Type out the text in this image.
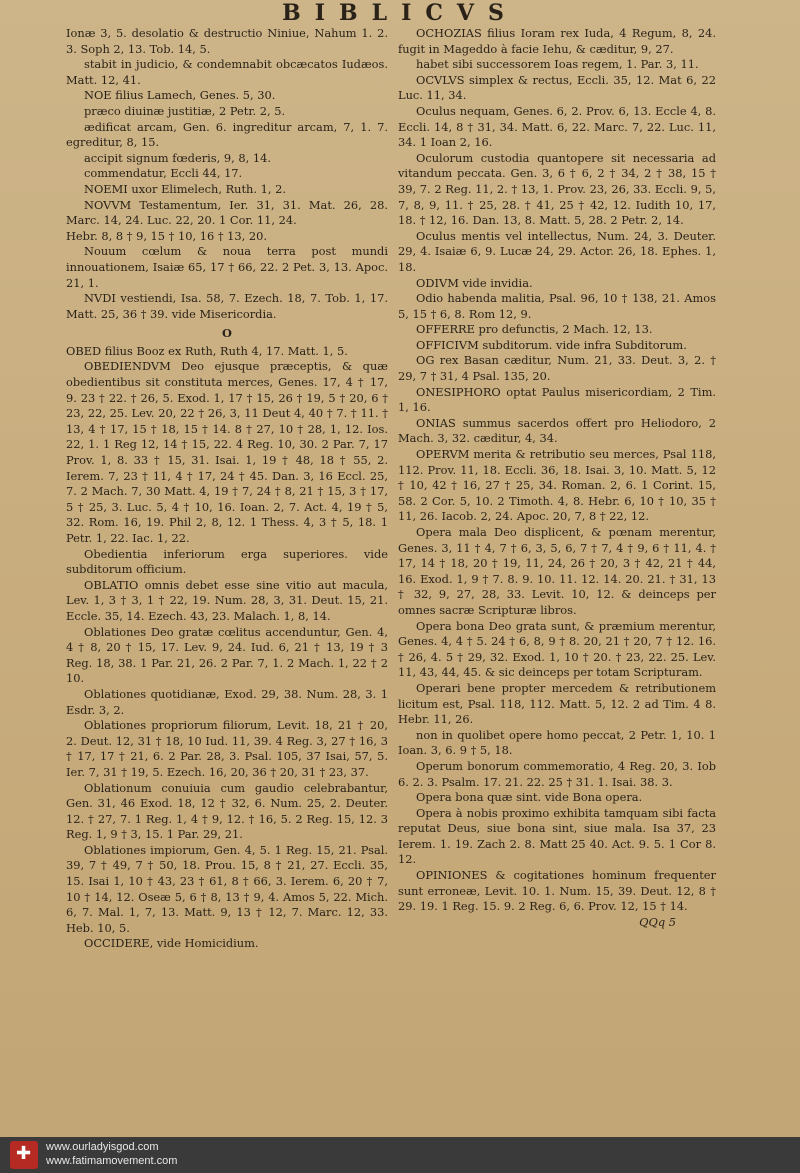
BIBLICVS

Ionæ 3, 5. desolatio & destructio Niniue, Nahum 1. 2. 3. Soph 2, 13. Tob. 14, 5.

stabit in judicio, & condemnabit obcæcatos Iudæos. Matt. 12, 41.

NOE filius Lamech, Genes. 5, 30.

præco diuinæ justitiæ, 2 Petr. 2, 5.

ædificat arcam, Gen. 6. ingreditur arcam, 7, 1. 7. egreditur, 8, 15.

accipit signum fœderis, 9, 8, 14.

commendatur, Eccli 44, 17.

NOEMI uxor Elimelech, Ruth. 1, 2.

NOVVM Testamentum, Ier. 31, 31. Mat. 26, 28. Marc. 14, 24. Luc. 22, 20. 1 Cor. 11, 24.

Hebr. 8, 8 † 9, 15 † 10, 16 † 13, 20.

Nouum cœlum & noua terra post mundi innouationem, Isaiæ 65, 17 † 66, 22. 2 Pet. 3, 13. Apoc. 21, 1.

NVDI vestiendi, Isa. 58, 7. Ezech. 18, 7. Tob. 1, 17. Matt. 25, 36 † 39. vide Misericordia.

O

OBED filius Booz ex Ruth, Ruth 4, 17. Matt. 1, 5.

OBEDIENDVM Deo ejusque præceptis, & quæ obedientibus sit constituta merces, Genes. 17, 4 † 17, 9. 23 † 22. † 26, 5. Exod. 1, 17 † 15, 26 † 19, 5 † 20, 6 † 23, 22, 25. Lev. 20, 22 † 26, 3, 11 Deut 4, 40 † 7. † 11. † 13, 4 † 17, 15 † 18, 15 † 14. 8 † 27, 10 † 28, 1, 12. Ios. 22, 1. 1 Reg 12, 14 † 15, 22. 4 Reg. 10, 30. 2 Par. 7, 17 Prov. 1, 8. 33 † 15, 31. Isai. 1, 19 † 48, 18 † 55, 2. Ierem. 7, 23 † 11, 4 † 17, 24 † 45. Dan. 3, 16 Eccl. 25, 7. 2 Mach. 7, 30 Matt. 4, 19 † 7, 24 † 8, 21 † 15, 3 † 17, 5 † 25, 3. Luc. 5, 4 † 10, 16. Ioan. 2, 7. Act. 4, 19 † 5, 32. Rom. 16, 19. Phil 2, 8, 12. 1 Thess. 4, 3 † 5, 18. 1 Petr. 1, 22. Iac. 1, 22.

Obedientia inferiorum erga superiores. vide subditorum officium.

OBLATIO omnis debet esse sine vitio aut macula, Lev. 1, 3 † 3, 1 † 22, 19. Num. 28, 3, 31. Deut. 15, 21. Eccle. 35, 14. Ezech. 43, 23. Malach. 1, 8, 14.

Oblationes Deo gratæ cœlitus accenduntur, Gen. 4, 4 † 8, 20 † 15, 17. Lev. 9, 24. Iud. 6, 21 † 13, 19 † 3 Reg. 18, 38. 1 Par. 21, 26. 2 Par. 7, 1. 2 Mach. 1, 22 † 2 10.

Oblationes quotidianæ, Exod. 29, 38. Num. 28, 3. 1 Esdr. 3, 2.

Oblationes propriorum filiorum, Levit. 18, 21 † 20, 2. Deut. 12, 31 † 18, 10 Iud. 11, 39. 4 Reg. 3, 27 † 16, 3 † 17, 17 † 21, 6. 2 Par. 28, 3. Psal. 105, 37 Isai, 57, 5. Ier. 7, 31 † 19, 5. Ezech. 16, 20, 36 † 20, 31 † 23, 37.

Oblationum conuiuia cum gaudio celebrabantur, Gen. 31, 46 Exod. 18, 12 † 32, 6. Num. 25, 2. Deuter. 12. † 27, 7. 1 Reg. 1, 4 † 9, 12. † 16, 5. 2 Reg. 15, 12. 3 Reg. 1, 9 † 3, 15. 1 Par. 29, 21.

Oblationes impiorum, Gen. 4, 5. 1 Reg. 15, 21. Psal. 39, 7 † 49, 7 † 50, 18. Prou. 15, 8 † 21, 27. Eccli. 35, 15. Isai 1, 10 † 43, 23 † 61, 8 † 66, 3. Ierem. 6, 20 † 7, 10 † 14, 12. Oseæ 5, 6 † 8, 13 † 9, 4. Amos 5, 22. Mich. 6, 7. Mal. 1, 7, 13. Matt. 9, 13 † 12, 7. Marc. 12, 33. Heb. 10, 5.

OCCIDERE, vide Homicidium.

OCHOZIAS filius Ioram rex Iuda, 4 Regum, 8, 24. fugit in Mageddo à facie Iehu, & cæditur, 9, 27.

habet sibi successorem Ioas regem, 1. Par. 3, 11.

OCVLVS simplex & rectus, Eccli. 35, 12. Mat 6, 22 Luc. 11, 34.

Oculus nequam, Genes. 6, 2. Prov. 6, 13. Eccle 4, 8. Eccli. 14, 8 † 31, 34. Matt. 6, 22. Marc. 7, 22. Luc. 11, 34. 1 Ioan 2, 16.

Oculorum custodia quantopere sit necessaria ad vitandum peccata. Gen. 3, 6 † 6, 2 † 34, 2 † 38, 15 † 39, 7. 2 Reg. 11, 2. † 13, 1. Prov. 23, 26, 33. Eccli. 9, 5, 7, 8, 9, 11. † 25, 28. † 41, 25 † 42, 12. Iudith 10, 17, 18. † 12, 16. Dan. 13, 8. Matt. 5, 28. 2 Petr. 2, 14.

Oculus mentis vel intellectus, Num. 24, 3. Deuter. 29, 4. Isaiæ 6, 9. Lucæ 24, 29. Actor. 26, 18. Ephes. 1, 18.

ODIVM vide invidia.

Odio habenda malitia, Psal. 96, 10 † 138, 21. Amos 5, 15 † 6, 8. Rom 12, 9.

OFFERRE pro defunctis, 2 Mach. 12, 13.

OFFICIVM subditorum. vide infra Subditorum.

OG rex Basan cæditur, Num. 21, 33. Deut. 3, 2. † 29, 7 † 31, 4 Psal. 135, 20.

ONESIPHORO optat Paulus misericordiam, 2 Tim. 1, 16.

ONIAS summus sacerdos offert pro Heliodoro, 2 Mach. 3, 32. cæditur, 4, 34.

OPERVM merita & retributio seu merces, Psal 118, 112. Prov. 11, 18. Eccli. 36, 18. Isai. 3, 10. Matt. 5, 12 † 10, 42 † 16, 27 † 25, 34. Roman. 2, 6. 1 Corint. 15, 58. 2 Cor. 5, 10. 2 Timoth. 4, 8. Hebr. 6, 10 † 10, 35 † 11, 26. Iacob. 2, 24. Apoc. 20, 7, 8 † 22, 12.

Opera mala Deo displicent, & pœnam merentur, Genes. 3, 11 † 4, 7 † 6, 3, 5, 6, 7 † 7, 4 † 9, 6 † 11, 4. † 17, 14 † 18, 20 † 19, 11, 24, 26 † 20, 3 † 42, 21 † 44, 16. Exod. 1, 9 † 7. 8. 9. 10. 11. 12. 14. 20. 21. † 31, 13 † 32, 9, 27, 28, 33. Levit. 10, 12. & deinceps per omnes sacræ Scripturæ libros.

Opera bona Deo grata sunt, & præmium merentur, Genes. 4, 4 † 5. 24 † 6, 8, 9 † 8. 20, 21 † 20, 7 † 12. 16. † 26, 4. 5 † 29, 32. Exod. 1, 10 † 20. † 23, 22. 25. Lev. 11, 43, 44, 45. & sic deinceps per totam Scripturam.

Operari bene propter mercedem & retributionem licitum est, Psal. 118, 112. Matt. 5, 12. 2 ad Tim. 4 8. Hebr. 11, 26.

non in quolibet opere homo peccat, 2 Petr. 1, 10. 1 Ioan. 3, 6. 9 † 5, 18.

Operum bonorum commemoratio, 4 Reg. 20, 3. Iob 6. 2. 3. Psalm. 17. 21. 22. 25 † 31. 1. Isai. 38. 3.

Opera bona quæ sint. vide Bona opera.

Opera à nobis proximo exhibita tamquam sibi facta reputat Deus, siue bona sint, siue mala. Isa 37, 23 Ierem. 1. 19. Zach 2. 8. Matt 25 40. Act. 9. 5. 1 Cor 8. 12.

OPINIONES & cogitationes hominum frequenter sunt erroneæ, Levit. 10. 1. Num. 15, 39. Deut. 12, 8 † 29. 19. 1 Reg. 15. 9. 2 Reg. 6, 6. Prov. 12, 15 † 14.

QQq 5

✚
www.ourladyisgod.com
www.fatimamovement.com
